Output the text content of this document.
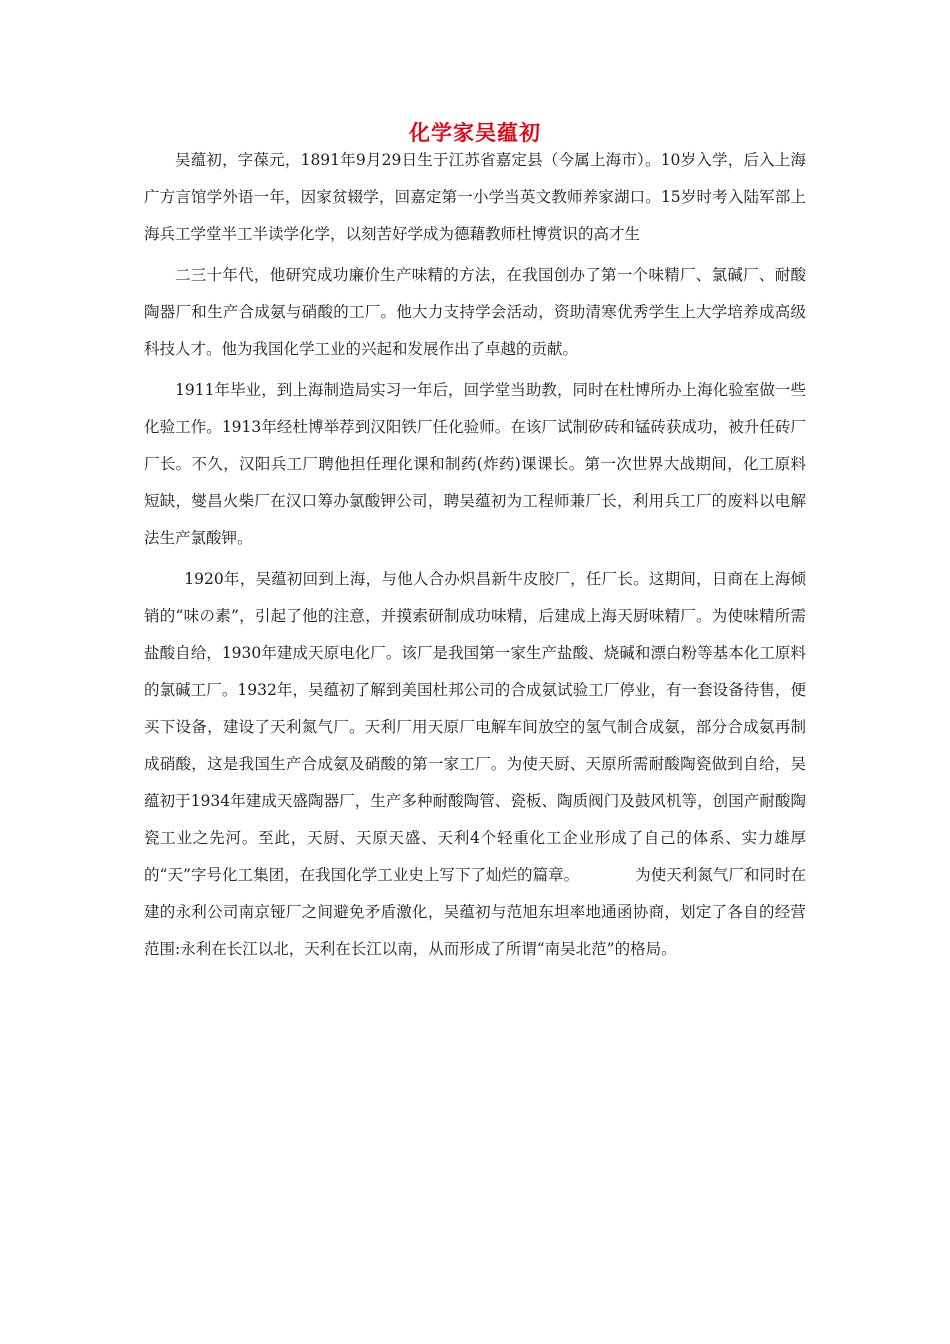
化学家吴蕴初

吴蕴初，字葆元，1891年9月29日生于江苏省嘉定县（今属上海市）。10岁入学，后入上海广方言馆学外语一年，因家贫辍学，回嘉定第一小学当英文教师养家湖口。15岁时考入陆军部上海兵工学堂半工半读学化学，以刻苦好学成为德藉教师杜博赏识的高才生

二三十年代，他研究成功廉价生产味精的方法，在我国创办了第一个味精厂、氯碱厂、耐酸陶器厂和生产合成氨与硝酸的工厂。他大力支持学会活动，资助清寒优秀学生上大学培养成高级科技人才。他为我国化学工业的兴起和发展作出了卓越的贡献。

1911年毕业，到上海制造局实习一年后，回学堂当助教，同时在杜博所办上海化验室做一些化验工作。1913年经杜博举荐到汉阳铁厂任化验师。在该厂试制矽砖和锰砖获成功，被升任砖厂厂长。不久，汉阳兵工厂聘他担任理化课和制药(炸药)课课长。第一次世界大战期间，化工原料短缺，燮昌火柴厂在汉口筹办氯酸钾公司，聘吴蕴初为工程师兼厂长，利用兵工厂的废料以电解法生产氯酸钾。

1920年，吴蕴初回到上海，与他人合办炽昌新牛皮胶厂，任厂长。这期间，日商在上海倾销的“味の素”，引起了他的注意，并摸索研制成功味精，后建成上海天厨味精厂。为使味精所需盐酸自给，1930年建成天原电化厂。该厂是我国第一家生产盐酸、烧碱和漂白粉等基本化工原料的氯碱工厂。1932年，吴蕴初了解到美国杜邦公司的合成氨试验工厂停业，有一套设备待售，便买下设备，建设了天利氮气厂。天利厂用天原厂电解车间放空的氢气制合成氨，部分合成氨再制成硝酸，这是我国生产合成氨及硝酸的第一家工厂。为使天厨、天原所需耐酸陶瓷做到自给，吴蕴初于1934年建成天盛陶器厂，生产多种耐酸陶管、瓷板、陶质阀门及鼓风机等，创国产耐酸陶瓷工业之先河。至此，天厨、天原天盛、天利4个轻重化工企业形成了自己的体系、实力雄厚的“天”字号化工集团，在我国化学工业史上写下了灿烂的篇章。	为使天利氮气厂和同时在建的永利公司南京铔厂之间避免矛盾激化，吴蕴初与范旭东坦率地通函协商，划定了各自的经营范围:永利在长江以北，天利在长江以南，从而形成了所谓“南吴北范”的格局。
